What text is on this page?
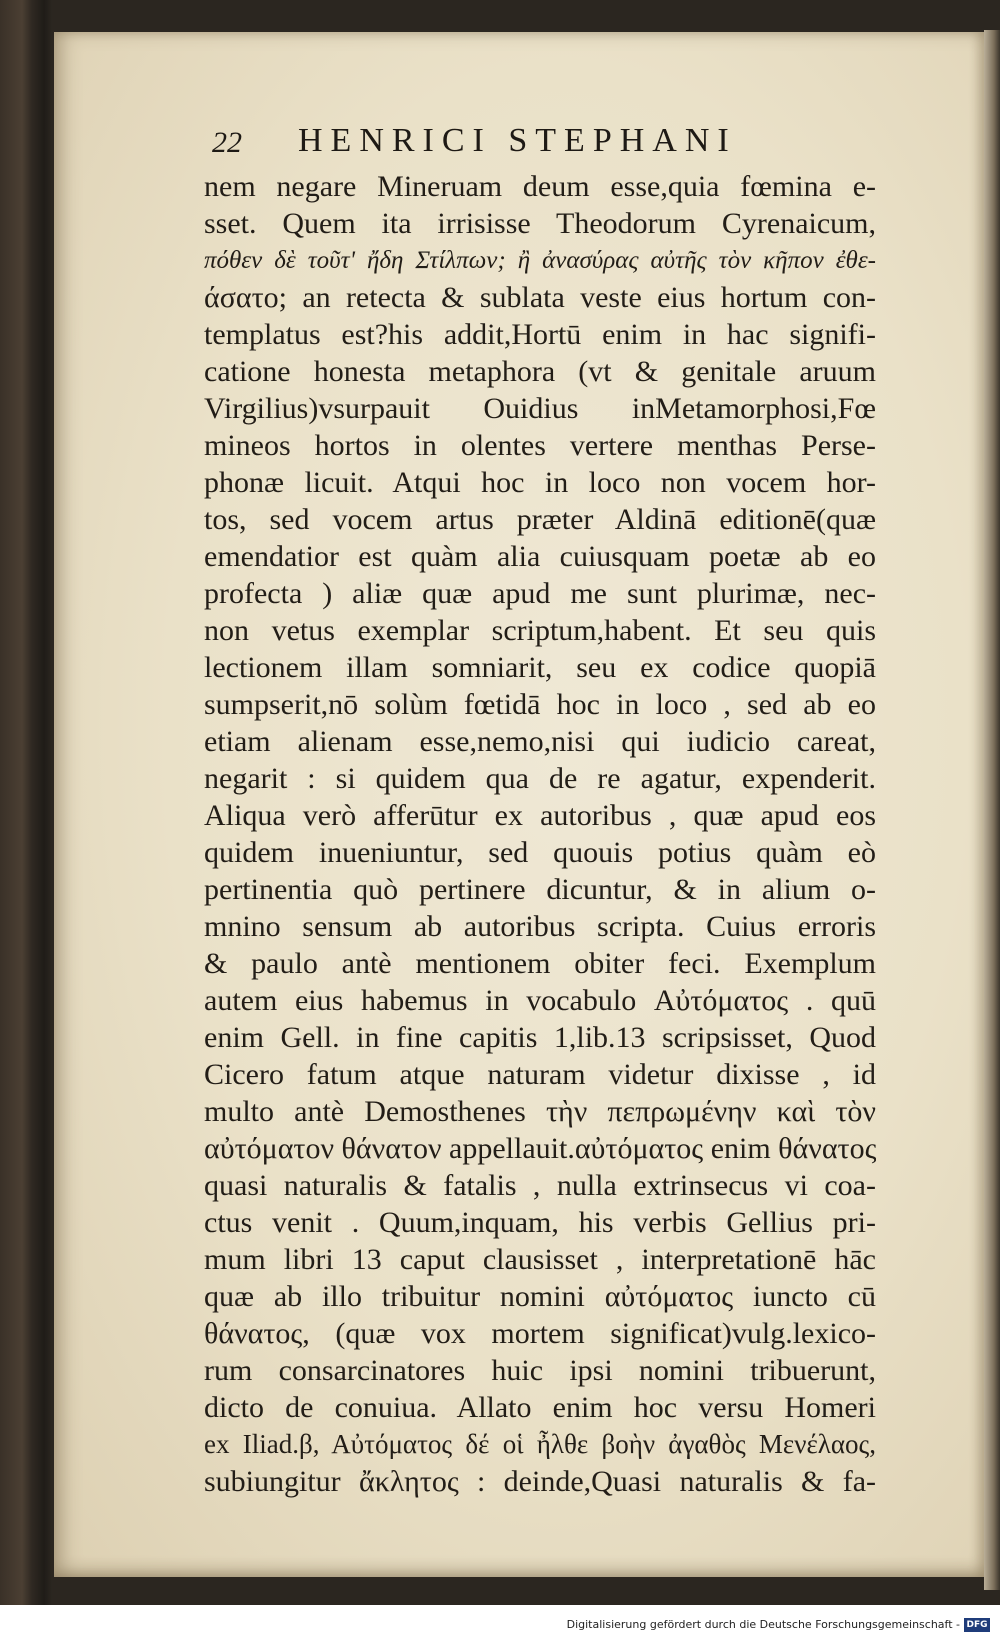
22 HENRICI STEPHANI
nem negare Mineruam deum esse,quia fœmina e-
sset. Quem ita irrisisse Theodorum Cyrenaicum,
πόθεν δὲ τοῦτ' ἤδη Στίλπων; ἢ ἀνασύρας αὐτῆς τὸν κῆπον ἐθε-
άσατο; an retecta & sublata veste eius hortum con-
templatus est?his addit,Hortū enim in hac signifi-
catione honesta metaphora (vt & genitale aruum
Virgilius)vsurpauit Ouidius inMetamorphosi,Fœ
mineos hortos in olentes vertere menthas Perse-
phonæ licuit. Atqui hoc in loco non vocem hor-
tos, sed vocem artus præter Aldinā editionē(quæ
emendatior est quàm alia cuiusquam poetæ ab eo
profecta ) aliæ quæ apud me sunt plurimæ, nec-
non vetus exemplar scriptum,habent. Et seu quis
lectionem illam somniarit, seu ex codice quopiā
sumpserit,nō solùm fœtidā hoc in loco , sed ab eo
etiam alienam esse,nemo,nisi qui iudicio careat,
negarit : si quidem qua de re agatur, expenderit.
Aliqua verò afferūtur ex autoribus , quæ apud eos
quidem inueniuntur, sed quouis potius quàm eò
pertinentia quò pertinere dicuntur, & in alium o-
mnino sensum ab autoribus scripta. Cuius erroris
& paulo antè mentionem obiter feci. Exemplum
autem eius habemus in vocabulo Αὐτόματος . quū
enim Gell. in fine capitis 1,lib.13 scripsisset, Quod
Cicero fatum atque naturam videtur dixisse , id
multo antè Demosthenes τὴν πεπρωμένην καὶ τὸν
αὐτόματον θάνατον appellauit.αὐτόματος enim θάνατος
quasi naturalis & fatalis , nulla extrinsecus vi coa-
ctus venit . Quum,inquam, his verbis Gellius pri-
mum libri 13 caput clausisset , interpretationē hāc
quæ ab illo tribuitur nomini αὐτόματος iuncto cū
θάνατος, (quæ vox mortem significat)vulg.lexico-
rum consarcinatores huic ipsi nomini tribuerunt,
dicto de conuiua. Allato enim hoc versu Homeri
ex Iliad.β, Αὐτόματος δέ οἱ ἦλθε βοὴν ἀγαθὸς Μενέλαος,
subiungitur ἄκλητος : deinde,Quasi naturalis & fa-
Digitalisierung gefördert durch die Deutsche Forschungsgemeinschaft - DFG
